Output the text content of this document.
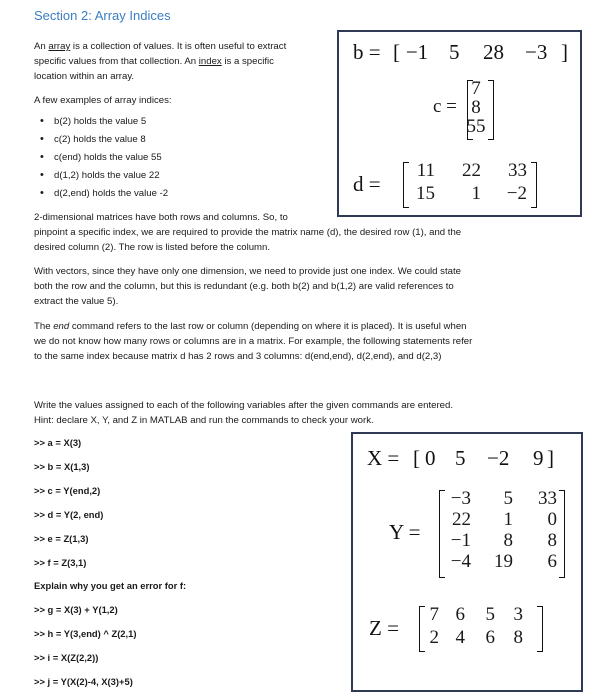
Section 2: Array Indices
An array is a collection of values. It is often useful to extract
specific values from that collection. An index is a specific
location within an array.
A few examples of array indices:
• b(2) holds the value 5
• c(2) holds the value 8
• c(end) holds the value 55
• d(1,2) holds the value 22
• d(2,end) holds the value -2
b = [ −1 5 28 −3 ]
c =
7
8
55
d =
11	22	33
15	1	−2
2-dimensional matrices have both rows and columns. So, to
pinpoint a specific index, we are required to provide the matrix name (d), the desired row (1), and the
desired column (2). The row is listed before the column.
With vectors, since they have only one dimension, we need to provide just one index. We could state
both the row and the column, but this is redundant (e.g. both b(2) and b(1,2) are valid references to
extract the value 5).
The end command refers to the last row or column (depending on where it is placed). It is useful when
we do not know how many rows or columns are in a matrix. For example, the following statements refer
to the same index because matrix d has 2 rows and 3 columns: d(end,end), d(2,end), and d(2,3)
Write the values assigned to each of the following variables after the given commands are entered.
Hint: declare X, Y, and Z in MATLAB and run the commands to check your work.
>> a = X(3)
>> b = X(1,3)
>> c = Y(end,2)
>> d = Y(2, end)
>> e = Z(1,3)
>> f = Z(3,1)
Explain why you get an error for f:
>> g = X(3) + Y(1,2)
>> h = Y(3,end) ^ Z(2,1)
>> i = X(Z(2,2))
>> j = Y(X(2)-4, X(3)+5)
X = [ 0 5 −2 9 ]
Y =
−3	5	33
22	1	0
−1	8	8
−4	19	6
Z =
7 6	5 3
2 4	6 8
